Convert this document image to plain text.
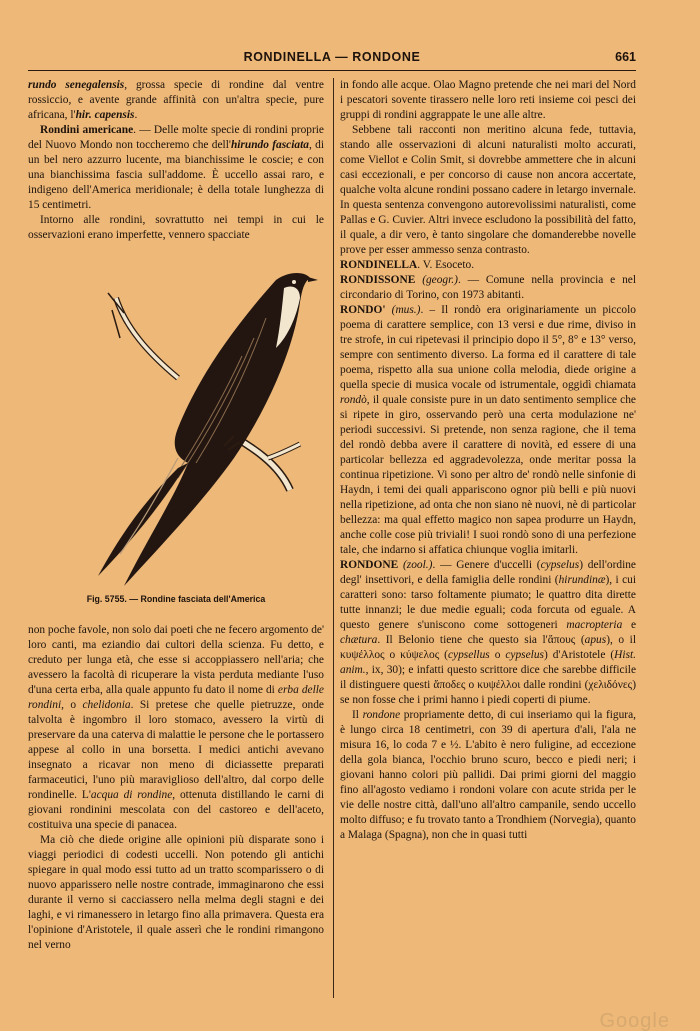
RONDINELLA — RONDONE	661

rundo senegalensis, grossa specie di rondine dal ventre rossiccio, e avente grande affinità con un'altra specie, pure africana, l'hir. capensis.

Rondini americane. — Delle molte specie di rondini proprie del Nuovo Mondo non toccheremo che dell'hirundo fasciata, di un bel nero azzurro lucente, ma bianchissime le coscie; e con una bianchissima fascia sull'addome. È uccello assai raro, e indigeno dell'America meridionale; è della totale lunghezza di 15 centimetri.

Intorno alle rondini, sovrattutto nei tempi in cui le osservazioni erano imperfette, vennero spacciate

Fig. 5755. — Rondine fasciata dell'America

non poche favole, non solo dai poeti che ne fecero argomento de' loro canti, ma eziandio dai cultori della scienza. Fu detto, e creduto per lunga età, che esse si accoppiassero nell'aria; che avessero la facoltà di ricuperare la vista perduta mediante l'uso d'una certa erba, alla quale appunto fu dato il nome di erba delle rondini, o chelidonia. Si pretese che quelle pietruzze, onde talvolta è ingombro il loro stomaco, avessero la virtù di preservare da una caterva di malattie le persone che le portassero appese al collo in una borsetta. I medici antichi avevano insegnato a ricavar non meno di diciassette preparati farmaceutici, l'uno più maraviglioso dell'altro, dal corpo delle rondinelle. L'acqua di rondine, ottenuta distillando le carni di giovani rondinini mescolata con del castoreo e dell'aceto, costituiva una specie di panacea.

Ma ciò che diede origine alle opinioni più disparate sono i viaggi periodici di codesti uccelli. Non potendo gli antichi spiegare in qual modo essi tutto ad un tratto scomparissero o di nuovo apparissero nelle nostre contrade, immaginarono che essi durante il verno si cacciassero nella melma degli stagni e dei laghi, e vi rimanessero in letargo fino alla primavera. Questa era l'opinione d'Aristotele, il quale asserì che le rondini rimangono nel verno

in fondo alle acque. Olao Magno pretende che nei mari del Nord i pescatori sovente tirassero nelle loro reti insieme coi pesci dei gruppi di rondini aggrappate le une alle altre.

Sebbene tali racconti non meritino alcuna fede, tuttavia, stando alle osservazioni di alcuni naturalisti molto accurati, come Viellot e Colin Smit, si dovrebbe ammettere che in alcuni casi eccezionali, e per concorso di cause non ancora accertate, qualche volta alcune rondini possano cadere in letargo invernale. In questa sentenza convengono autorevolissimi naturalisti, come Pallas e G. Cuvier. Altri invece escludono la possibilità del fatto, il quale, a dir vero, è tanto singolare che domanderebbe novelle prove per esser ammesso senza contrasto.

RONDINELLA. V. Esoceto.

RONDISSONE (geogr.). — Comune nella provincia e nel circondario di Torino, con 1973 abitanti.

RONDO' (mus.). – Il rondò era originariamente un piccolo poema di carattere semplice, con 13 versi e due rime, diviso in tre strofe, in cui ripetevasi il principio dopo il 5°, 8° e 13° verso, sempre con sentimento diverso. La forma ed il carattere di tale poema, rispetto alla sua unione colla melodia, diede origine a quella specie di musica vocale od istrumentale, oggidì chiamata rondò, il quale consiste pure in un dato sentimento semplice che si ripete in giro, osservando però una certa modulazione ne' periodi successivi. Si pretende, non senza ragione, che il tema del rondò debba avere il carattere di novità, ed essere di una particolar bellezza ed aggradevolezza, onde meritar possa la continua ripetizione. Vi sono per altro de' rondò nelle sinfonie di Haydn, i temi dei quali appariscono ognor più belli e più nuovi nella ripetizione, ad onta che non siano nè nuovi, nè di particolar bellezza: ma qual effetto magico non sapea produrre un Haydn, anche colle cose più triviali! I suoi rondò sono di una perfezione tale, che indarno si affatica chiunque voglia imitarli.

RONDONE (zool.). — Genere d'uccelli (cypselus) dell'ordine degl' insettivori, e della famiglia delle rondini (hirundinæ), i cui caratteri sono: tarso foltamente piumato; le quattro dita dirette tutte innanzi; le due medie eguali; coda forcuta od eguale. A questo genere s'uniscono come sottogeneri macropteria e chætura. Il Belonio tiene che questo sia l'ἄπους (apus), o il κυψέλλος o κύψελος (cypsellus o cypselus) d'Aristotele (Hist. anim., ix, 30); e infatti questo scrittore dice che sarebbe difficile il distinguere questi ἄποδες o κυψέλλοι dalle rondini (χελιδόνες) se non fosse che i primi hanno i piedi coperti di piume.

Il rondone propriamente detto, di cui inseriamo qui la figura, è lungo circa 18 centimetri, con 39 di apertura d'ali, l'ala ne misura 16, lo coda 7 e ½. L'abito è nero fuligine, ad eccezione della gola bianca, l'occhio bruno scuro, becco e piedi neri; i giovani hanno colori più pallidi. Dai primi giorni del maggio fino all'agosto vediamo i rondoni volare con acute strida per le vie delle nostre città, dall'uno all'altro campanile, sendo uccello molto diffuso; e fu trovato tanto a Trondhiem (Norvegia), quanto a Malaga (Spagna), non che in quasi tutti

Google
